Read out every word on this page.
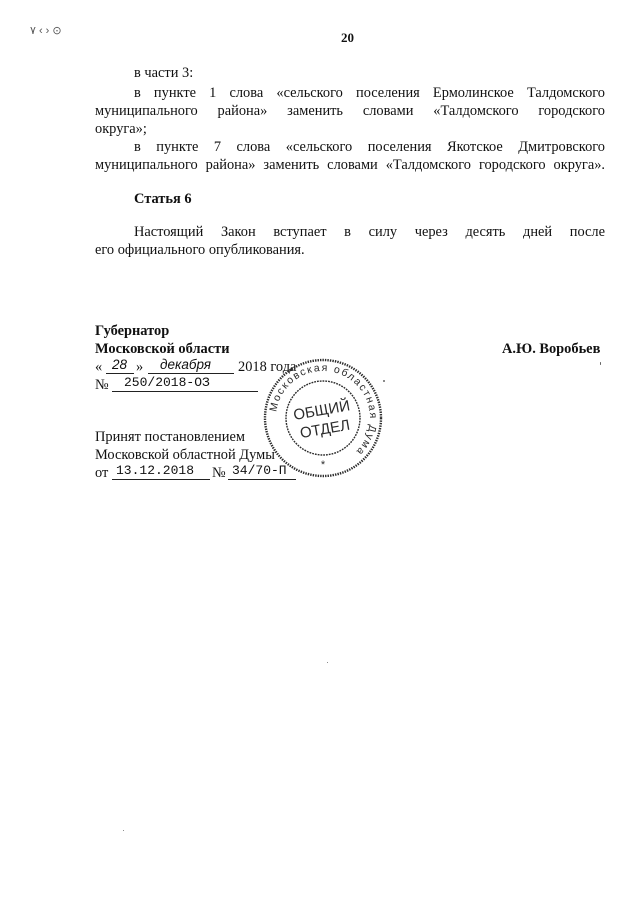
۷ ‹ › ⊙	20
в части 3:
в пункте 1 слова «сельского поселения Ермолинское Талдомского
муниципального района» заменить словами «Талдомского городского
округа»;
в пункте 7 слова «сельского поселения Якотское Дмитровского
муниципального района» заменить словами «Талдомского городского округа».
Статья 6
Настоящий Закон вступает в силу через десять дней после
его официального опубликования.
Губернатор
Московской области	А.Ю. Воробьев
« 28 » декабря 2018 года
№ 250/2018-ОЗ
Принят постановлением
Московской областной Думы
от 13.12.2018 № 34/70-П
Московская областная Дума
*
ОБЩИЙ
ОТДЕЛ
